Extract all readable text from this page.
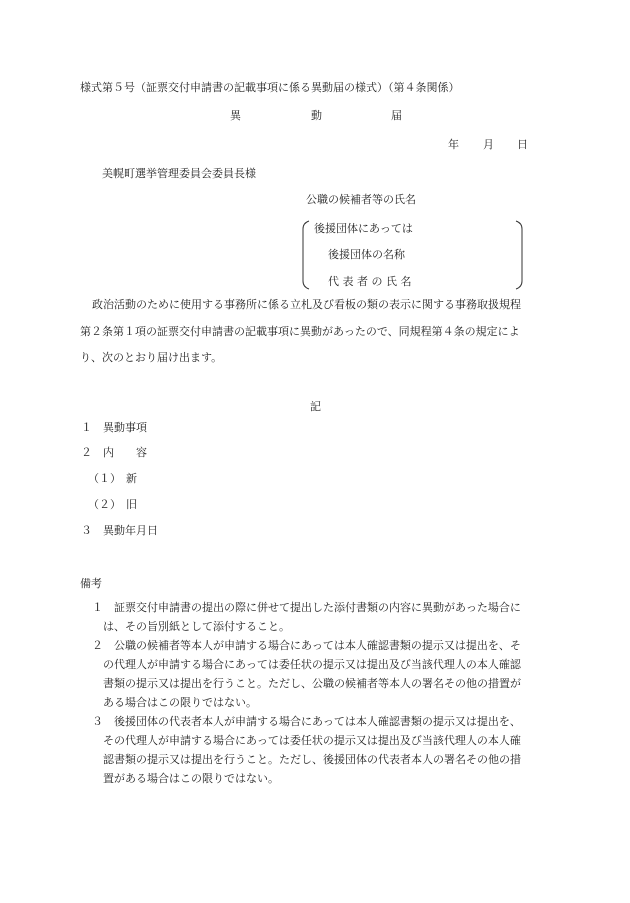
様式第５号（証票交付申請書の記載事項に係る異動届の様式）（第４条関係）
異	動	届
年 月 日
美幌町選挙管理委員会委員長様
公職の候補者等の氏名
後援団体にあっては
後援団体の名称
代 表 者 の 氏 名
政治活動のために使用する事務所に係る立札及び看板の類の表示に関する事務取扱規程
第２条第１項の証票交付申請書の記載事項に異動があったので、同規程第４条の規定によ
り、次のとおり届け出ます。
記
１ 異動事項
２ 内　　容
（１） 新
（２） 旧
３ 異動年月日
備考
１ 証票交付申請書の提出の際に併せて提出した添付書類の内容に異動があった場合に
は、その旨別紙として添付すること。
２ 公職の候補者等本人が申請する場合にあっては本人確認書類の提示又は提出を、そ
の代理人が申請する場合にあっては委任状の提示又は提出及び当該代理人の本人確認
書類の提示又は提出を行うこと。ただし、公職の候補者等本人の署名その他の措置が
ある場合はこの限りではない。
３ 後援団体の代表者本人が申請する場合にあっては本人確認書類の提示又は提出を、
その代理人が申請する場合にあっては委任状の提示又は提出及び当該代理人の本人確
認書類の提示又は提出を行うこと。ただし、後援団体の代表者本人の署名その他の措
置がある場合はこの限りではない。
